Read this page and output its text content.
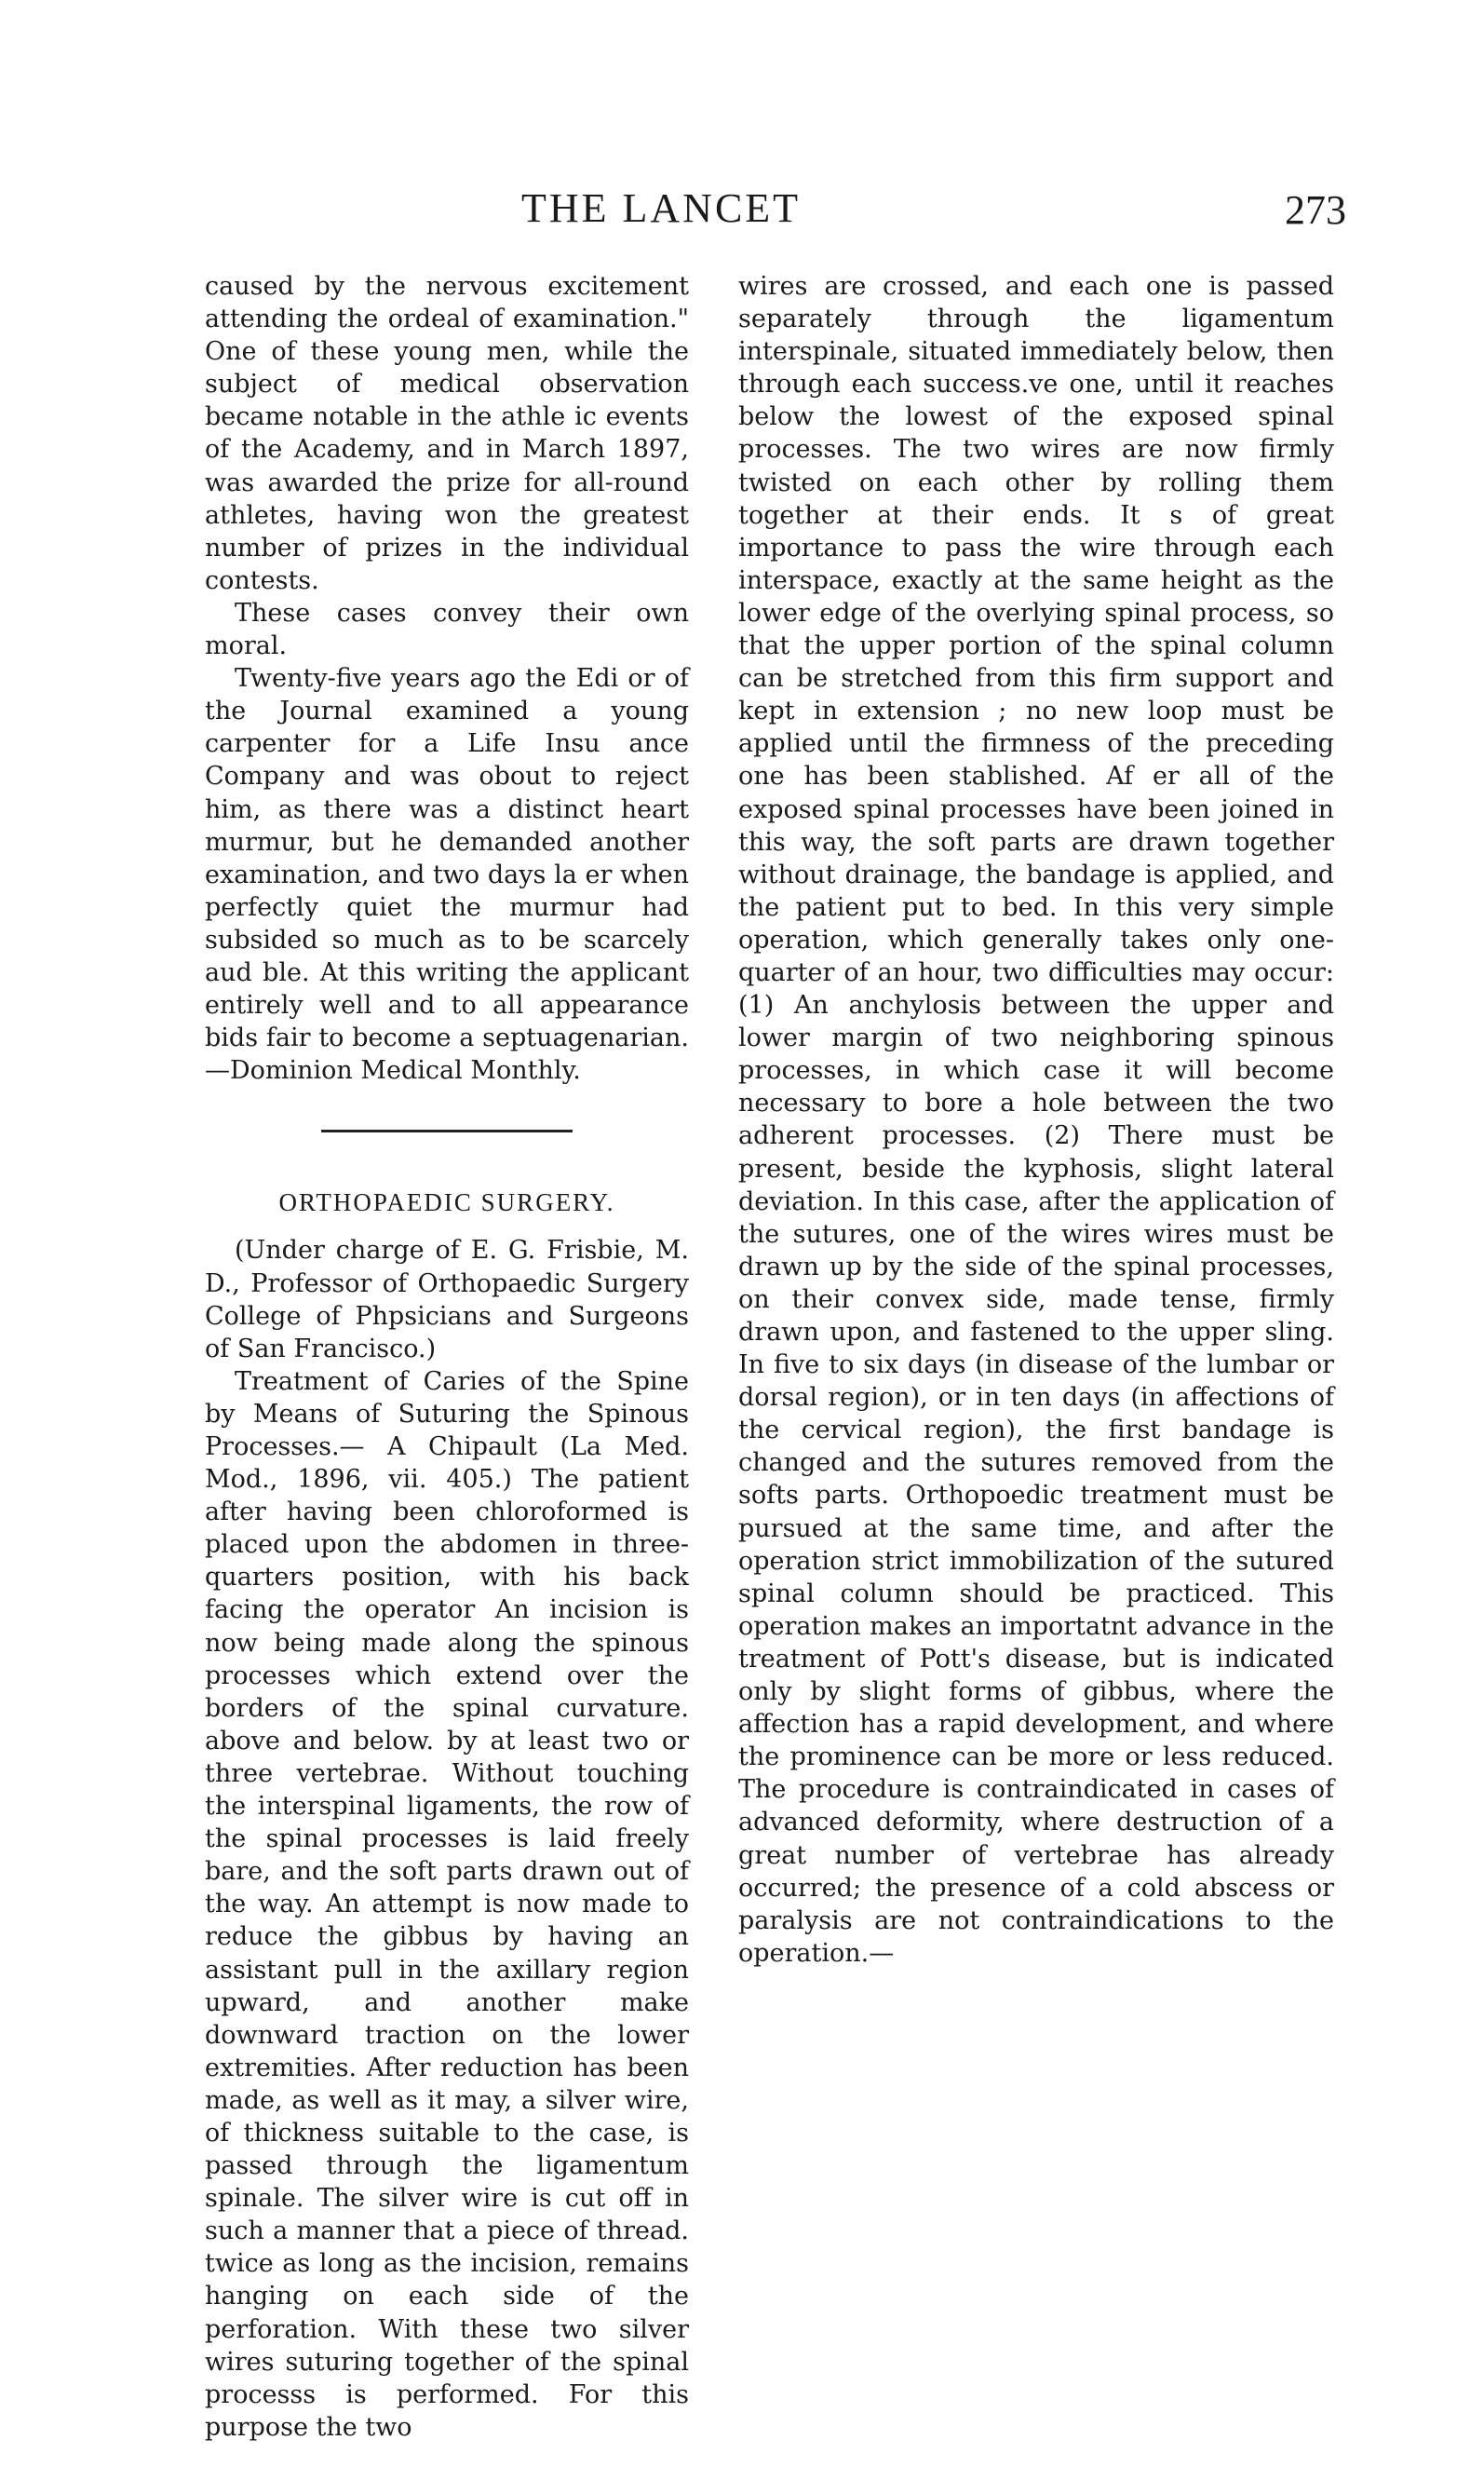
THE LANCET	273

caused by the nervous excitement attending the ordeal of examination." One of these young men, while the subject of medical observation became notable in the athle ic events of the Academy, and in March 1897, was awarded the prize for all-round athletes, having won the greatest number of prizes in the individual contests.

These cases convey their own moral.

Twenty-five years ago the Edi or of the Journal examined a young carpenter for a Life Insu ance Company and was obout to reject him, as there was a distinct heart murmur, but he demanded another examination, and two days la er when perfectly quiet the murmur had subsided so much as to be scarcely aud ble. At this writing the applicant entirely well and to all appearance bids fair to become a septuagenarian.—Dominion Medical Monthly.

ORTHOPAEDIC SURGERY.

(Under charge of E. G. Frisbie, M. D., Professor of Orthopaedic Surgery College of Phpsicians and Surgeons of San Francisco.)

Treatment of Caries of the Spine by Means of Suturing the Spinous Processes.— A Chipault (La Med. Mod., 1896, vii. 405.) The patient after having been chloroformed is placed upon the abdomen in three-quarters position, with his back facing the operator An incision is now being made along the spinous processes which extend over the borders of the spinal curvature. above and below. by at least two or three vertebrae. Without touching the interspinal ligaments, the row of the spinal processes is laid freely bare, and the soft parts drawn out of the way. An attempt is now made to reduce the gibbus by having an assistant pull in the axillary region upward, and another make downward traction on the lower extremities. After reduction has been made, as well as it may, a silver wire, of thickness suitable to the case, is passed through the ligamentum spinale. The silver wire is cut off in such a manner that a piece of thread. twice as long as the incision, remains hanging on each side of the perforation. With these two silver wires suturing together of the spinal processs is performed. For this purpose the two

wires are crossed, and each one is passed separately through the ligamentum interspinale, situated immediately below, then through each success.ve one, until it reaches below the lowest of the exposed spinal processes. The two wires are now firmly twisted on each other by rolling them together at their ends. It s of great importance to pass the wire through each interspace, exactly at the same height as the lower edge of the overlying spinal process, so that the upper portion of the spinal column can be stretched from this firm support and kept in extension ; no new loop must be applied until the firmness of the preceding one has been stablished. Af er all of the exposed spinal processes have been joined in this way, the soft parts are drawn together without drainage, the bandage is applied, and the patient put to bed. In this very simple operation, which generally takes only one-quarter of an hour, two difficulties may occur: (1) An anchylosis between the upper and lower margin of two neighboring spinous processes, in which case it will become necessary to bore a hole between the two adherent processes. (2) There must be present, beside the kyphosis, slight lateral deviation. In this case, after the application of the sutures, one of the wires wires must be drawn up by the side of the spinal processes, on their convex side, made tense, firmly drawn upon, and fastened to the upper sling. In five to six days (in disease of the lumbar or dorsal region), or in ten days (in affections of the cervical region), the first bandage is changed and the sutures removed from the softs parts. Orthopoedic treatment must be pursued at the same time, and after the operation strict immobilization of the sutured spinal column should be practiced. This operation makes an importatnt advance in the treatment of Pott's disease, but is indicated only by slight forms of gibbus, where the affection has a rapid development, and where the prominence can be more or less reduced. The procedure is contraindicated in cases of advanced deformity, where destruction of a great number of vertebrae has already occurred; the presence of a cold abscess or paralysis are not contraindications to the operation.—
